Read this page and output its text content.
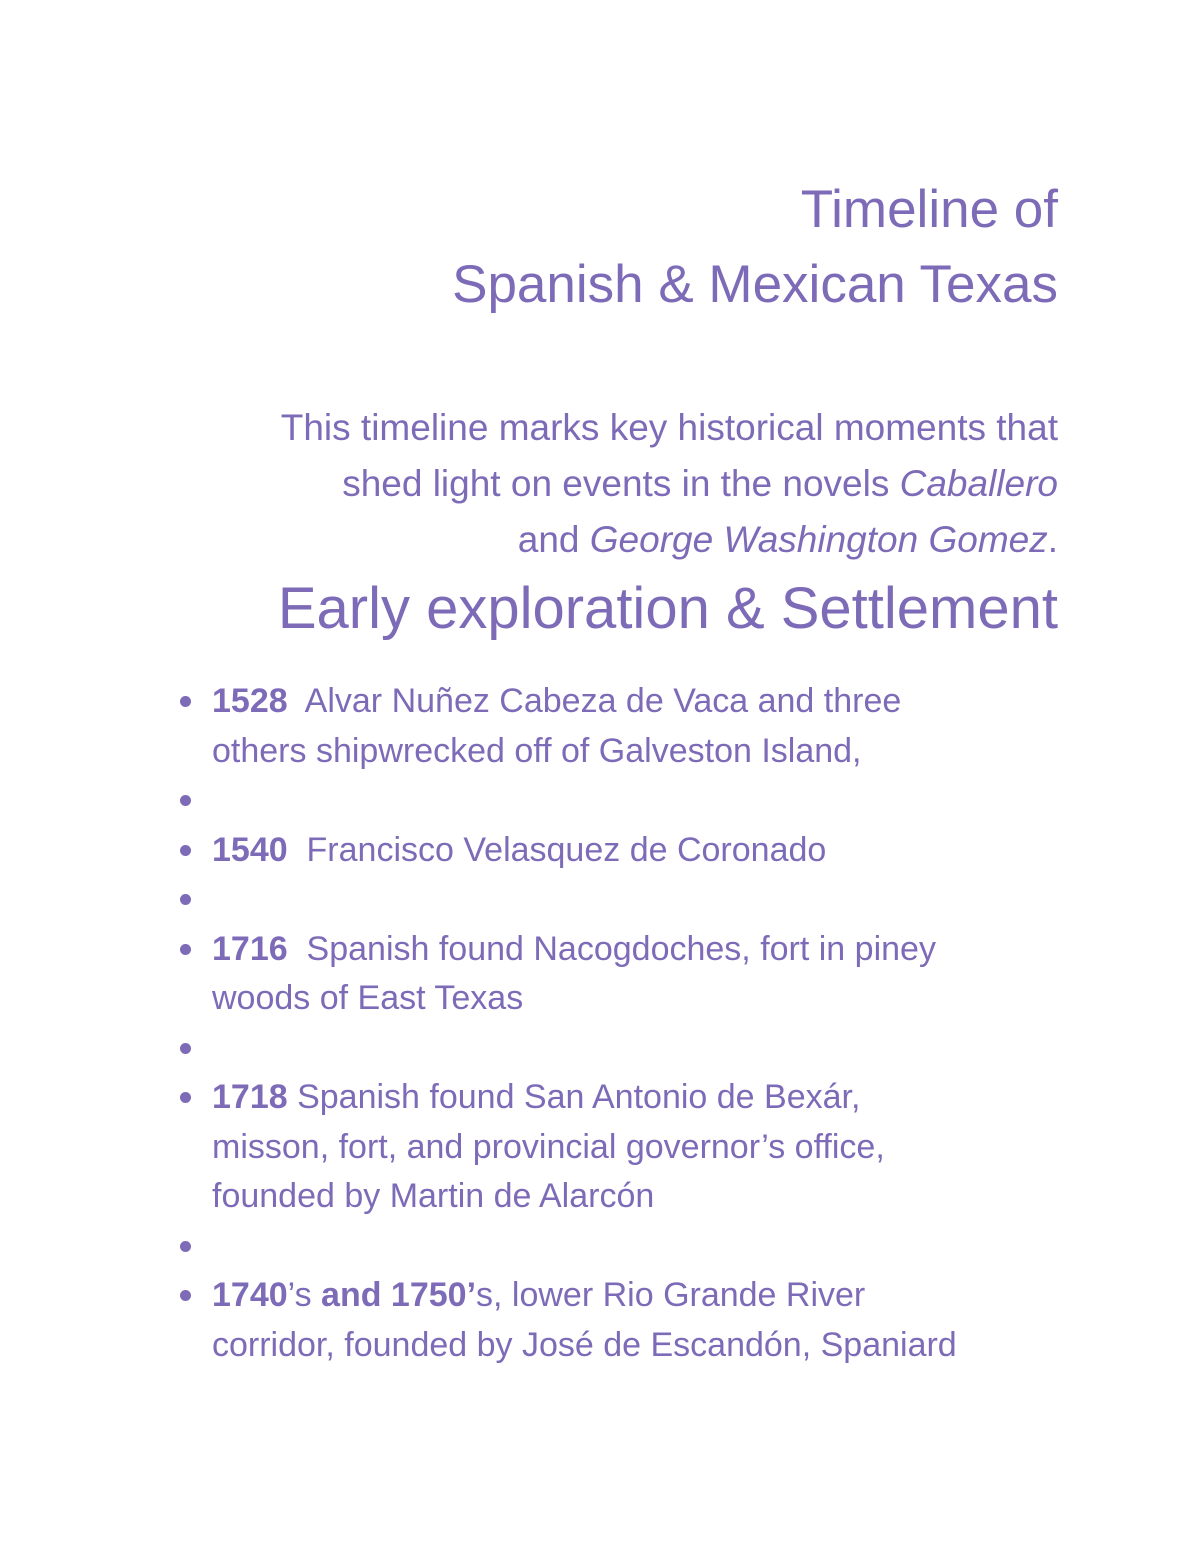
Timeline of
Spanish & Mexican Texas
This timeline marks key historical moments that
shed light on events in the novels Caballero
and George Washington Gomez.
Early exploration & Settlement
1528  Alvar Nuñez Cabeza de Vaca and three
others shipwrecked off of Galveston Island,
1540  Francisco Velasquez de Coronado
1716  Spanish found Nacogdoches, fort in piney
woods of East Texas
1718 Spanish found San Antonio de Bexár,
misson, fort, and provincial governor’s office,
founded by Martin de Alarcón
1740’s and 1750’s, lower Rio Grande River
corridor, founded by José de Escandón, Spaniard
